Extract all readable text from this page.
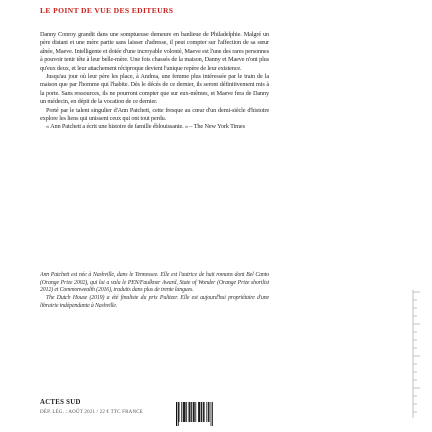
LE POINT DE VUE DES EDITEURS

Danny Conroy grandit dans une somptueuse demeure en banlieue de Philadelphie. Malgré un père distant et une mère partie sans laisser d'adresse, il peut compter sur l'affection de sa sœur aînée, Maeve. Intelligente et dotée d'une incroyable volonté, Maeve est l'une des rares personnes à pouvoir tenir tête à leur belle-mère. Une fois chassés de la maison, Danny et Maeve n'ont plus qu'eux deux, et leur attachement réciproque devient l'unique repère de leur existence.

Jusqu'au jour où leur père les place, à Andrea, une femme plus intéressée par le train de la maison que par l'homme qui l'habite. Dès le décès de ce dernier, ils seront définitivement mis à la porte. Sans ressources, ils ne pourront compter que sur eux-mêmes, et Maeve fera de Danny un médecin, en dépit de la vocation de ce dernier.

Porté par le talent singulier d'Ann Patchett, cette fresque au cœur d'un demi-siècle d'histoire explore les liens qui unissent ceux qui ont tout perdu.

« Ann Patchett a écrit une histoire de famille éblouissante. » – The New York Times

Ann Patchett est née à Nashville, dans le Tennessee. Elle est l'autrice de huit romans dont Bel Canto (Orange Prize 2002), qui lui a valu le PEN/Faulkner Award, State of Wonder (Orange Prize shortlist 2012) et Commonwealth (2016), traduits dans plus de trente langues.

The Dutch House (2019) a été finaliste du prix Pulitzer. Elle est aujourd'hui propriétaire d'une librairie indépendante à Nashville.

ACTES SUD
DÉP. LÉG. : AOÛT 2021 / 22 € TTC FRANCE
